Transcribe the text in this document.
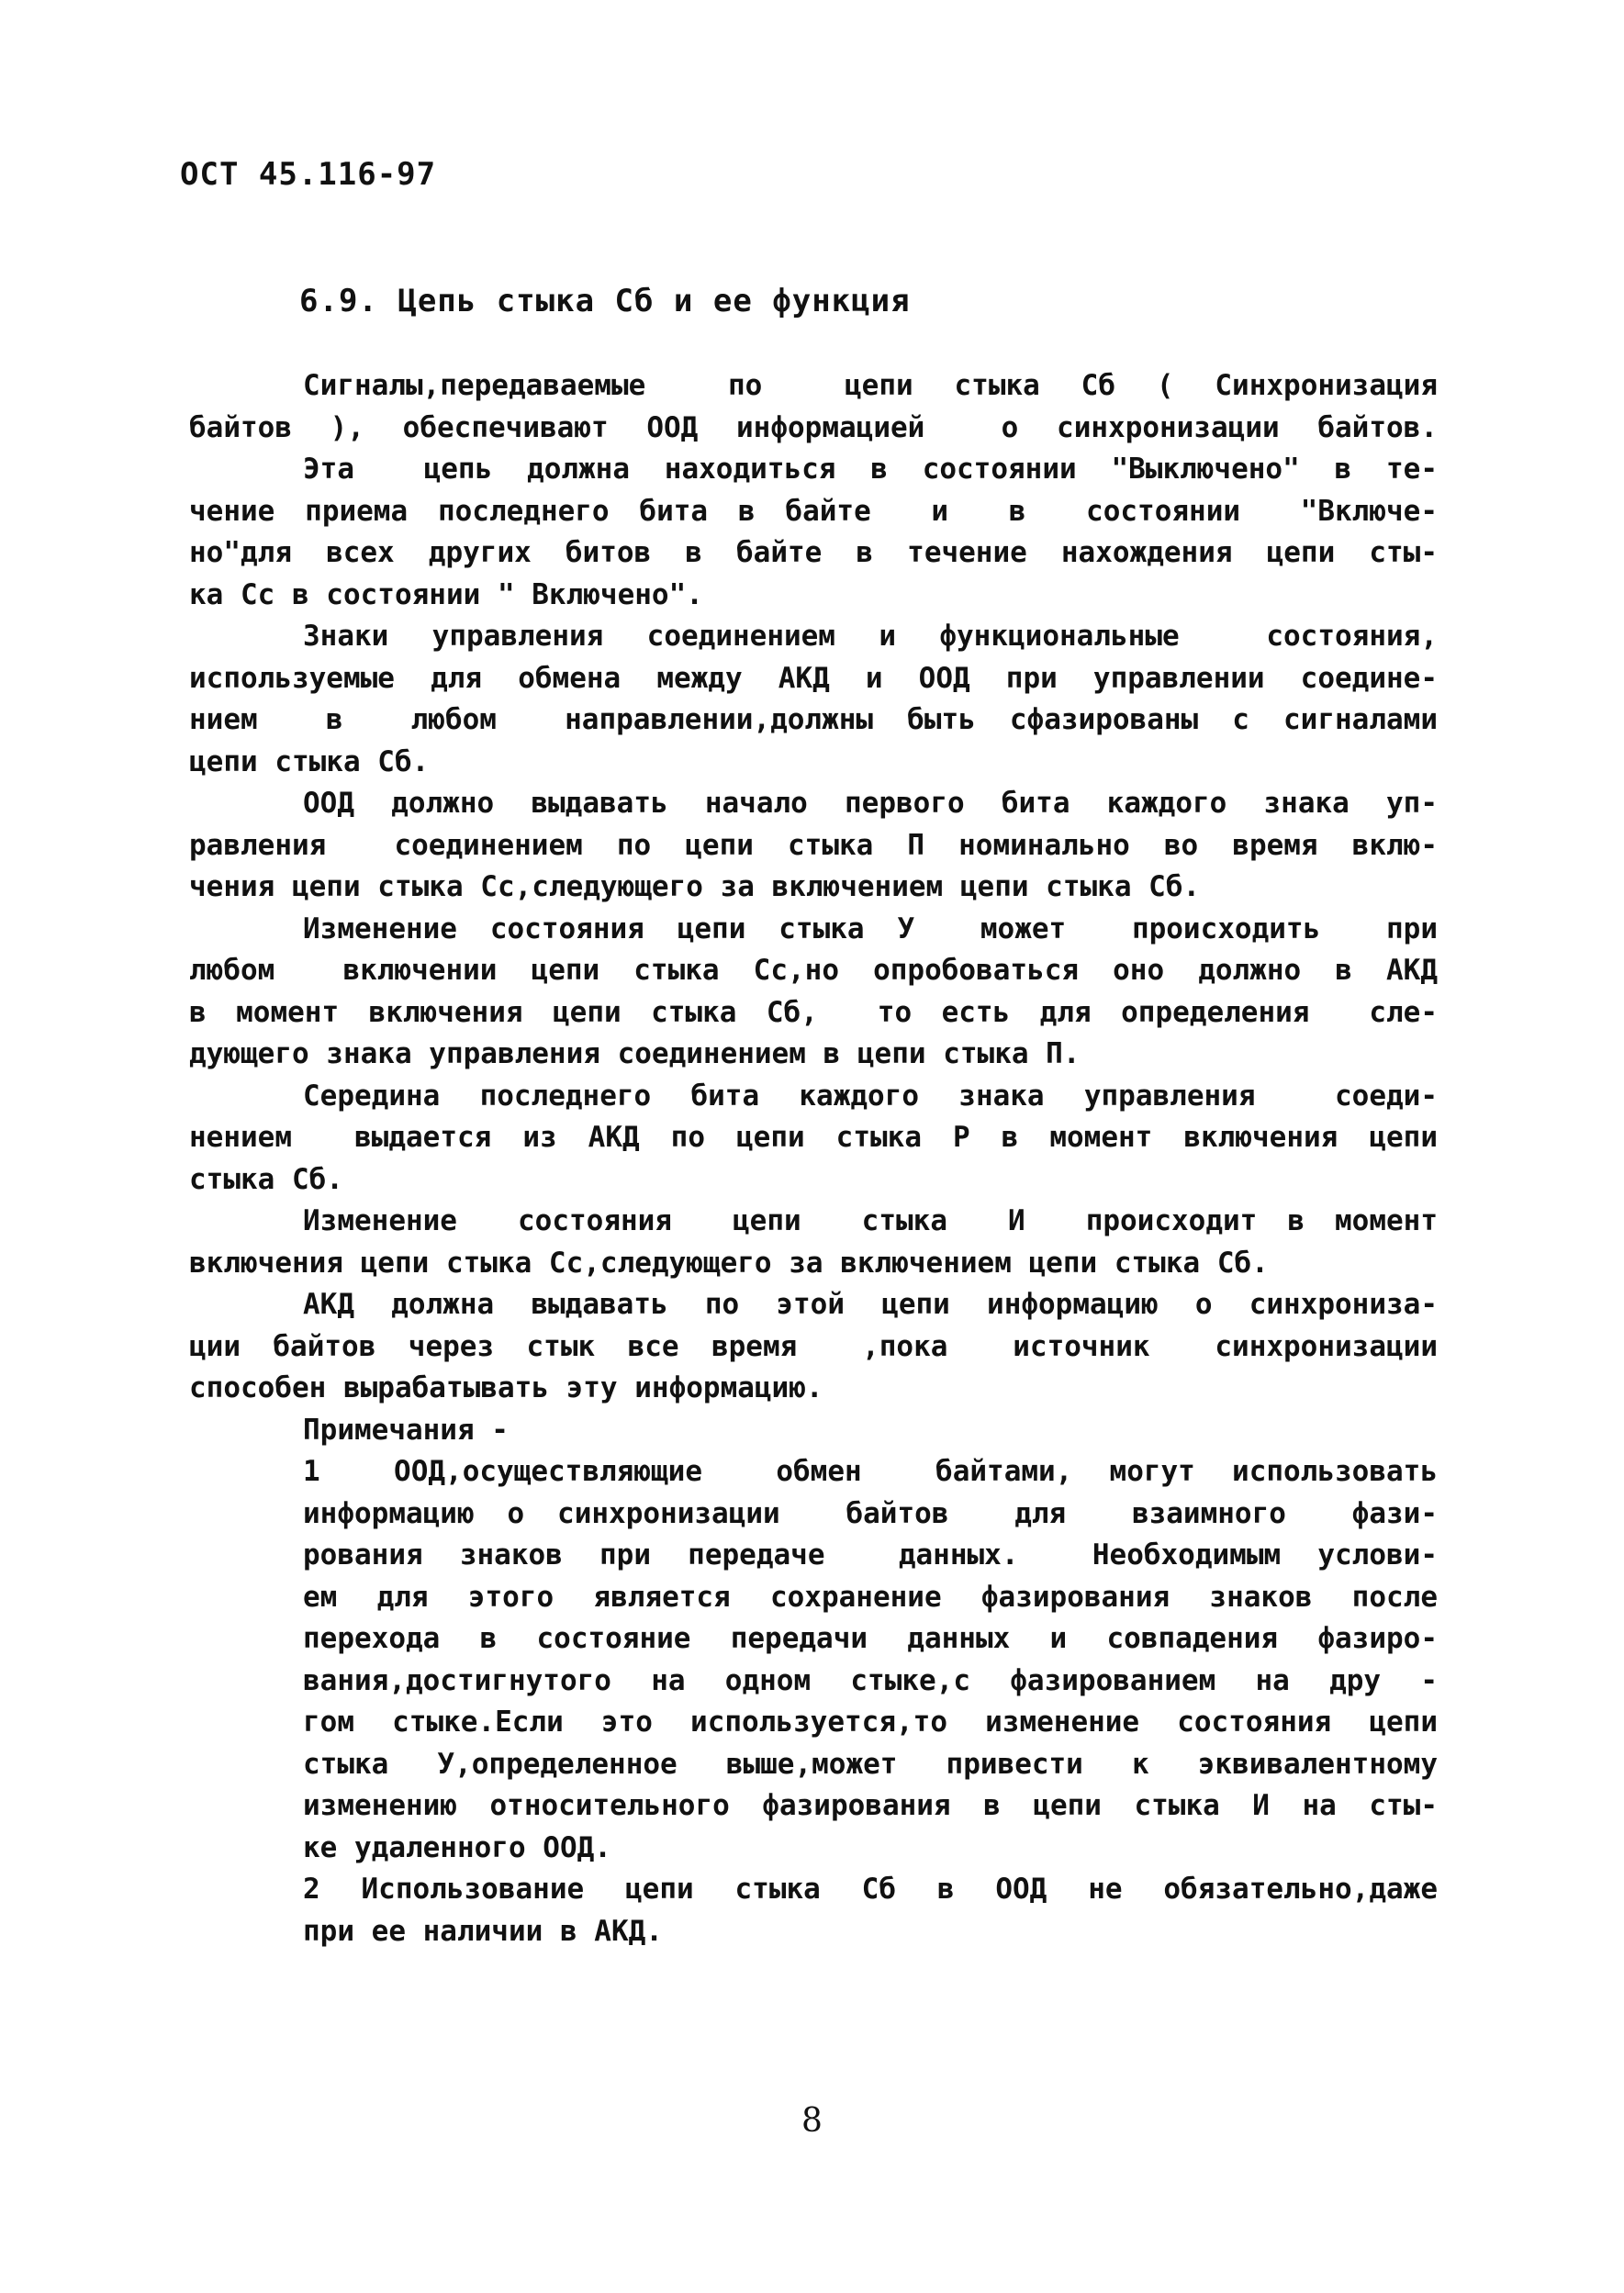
ОСТ 45.116-97
6.9. Цепь стыка Сб и ее функция
Сигналы,передаваемые  по  цепи стыка Сб ( Синхронизация
байтов ), обеспечивают ООД информацией  о синхронизации байтов.
Эта  цепь должна находиться в состоянии "Выключено" в те-
чение приема последнего бита в байте  и  в  состоянии  "Включе-
но"для всех других битов в байте в течение нахождения цепи сты-
ка Сс в состоянии " Включено".
Знаки управления соединением и функциональные  состояния,
используемые для обмена между АКД и ООД при управлении соедине-
нием  в  любом  направлении,должны быть сфазированы с сигналами
цепи стыка Сб.
ООД должно выдавать начало первого бита каждого знака уп-
равления  соединением по цепи стыка П номинально во время вклю-
чения цепи стыка Сс,следующего за включением цепи стыка Сб.
Изменение состояния цепи стыка У  может  происходить  при
любом  включении цепи стыка Сс,но опробоваться оно должно в АКД
в момент включения цепи стыка Сб,  то есть для определения  сле-
дующего знака управления соединением в цепи стыка П.
Середина последнего бита каждого знака управления  соеди-
нением  выдается из АКД по цепи стыка Р в момент включения цепи
стыка Сб.
Изменение  состояния  цепи  стыка  И  происходит в момент
включения цепи стыка Сс,следующего за включением цепи стыка Сб.
АКД должна выдавать по этой цепи информацию о синхрониза-
ции байтов через стык все время  ,пока  источник  синхронизации
способен вырабатывать эту информацию.
Примечания -
1  ООД,осуществляющие  обмен  байтами, могут использовать
информацию о синхронизации  байтов  для  взаимного  фази-
рования знаков при передаче  данных.  Необходимым услови-
ем для этого является сохранение фазирования знаков после
перехода в состояние передачи данных и совпадения фазиро-
вания,достигнутого на одном стыке,с фазированием на дру -
гом стыке.Если это используется,то изменение состояния цепи
стыка У,определенное выше,может привести к эквивалентному
изменению относительного фазирования в цепи стыка И на сты-
ке удаленного ООД.
2 Использование цепи стыка Сб в ООД не обязательно,даже
при ее наличии в АКД.
8
